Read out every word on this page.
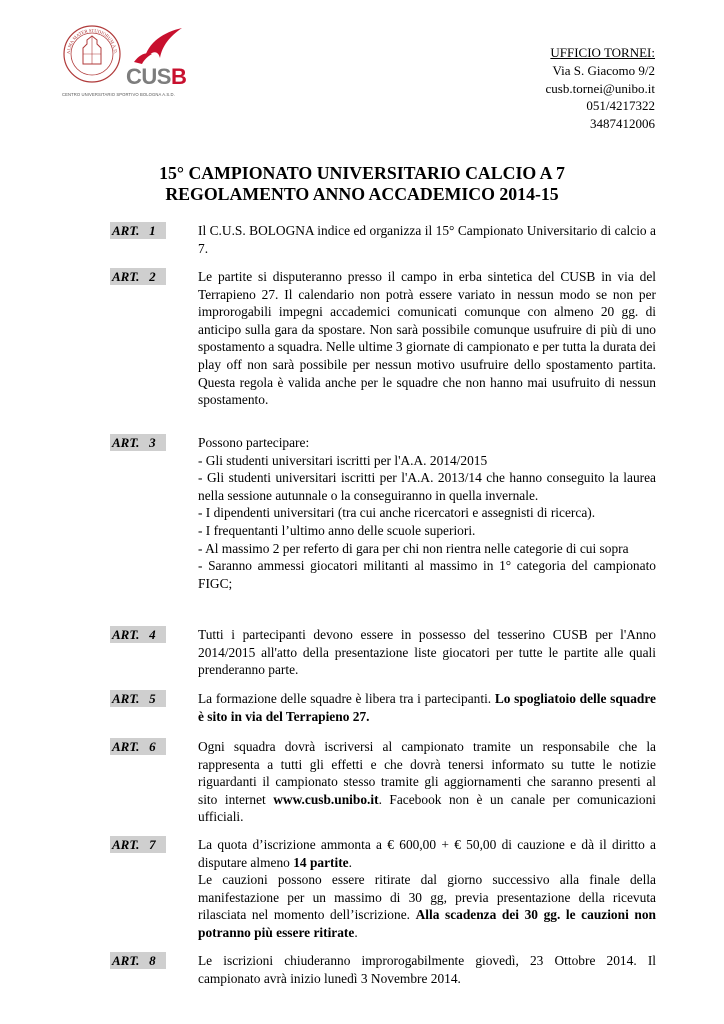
ALMA MATER STUDIORUM A.D.
CUSB
CENTRO UNIVERSITARIO SPORTIVO BOLOGNA A.S.D.
UFFICIO TORNEI:
Via S. Giacomo 9/2
cusb.tornei@unibo.it
051/4217322
3487412006
15° CAMPIONATO UNIVERSITARIO CALCIO A 7
REGOLAMENTO ANNO ACCADEMICO 2014-15
ART.   1	Il C.U.S. BOLOGNA indice ed organizza il 15° Campionato Universitario di calcio a 7.
ART.   2	Le partite si disputeranno presso il campo in erba sintetica del CUSB in via del Terrapieno 27. Il calendario non potrà essere variato in nessun modo se non per improrogabili impegni accademici comunicati comunque con almeno 20 gg. di anticipo sulla gara da spostare. Non sarà possibile comunque usufruire di più di uno spostamento a squadra. Nelle ultime 3 giornate di campionato e per tutta la durata dei play off non sarà possibile per nessun motivo usufruire dello spostamento partita. Questa regola è valida anche per le squadre che non hanno mai usufruito di nessun spostamento.
ART.   3	Possono partecipare:

- Gli studenti universitari iscritti per l'A.A. 2014/2015

- Gli studenti universitari iscritti per l'A.A. 2013/14 che hanno conseguito la laurea nella sessione autunnale o la conseguiranno in quella invernale.

- I dipendenti universitari (tra cui anche ricercatori e assegnisti di ricerca).

- I frequentanti l’ultimo anno delle scuole superiori.

- Al massimo 2 per referto di gara per chi non rientra nelle categorie di cui sopra

- Saranno ammessi giocatori militanti al massimo in 1° categoria del campionato FIGC;

ART.   4	Tutti i partecipanti devono essere in possesso del tesserino CUSB per l'Anno 2014/2015 all'atto della presentazione liste giocatori per tutte le partite alle quali prenderanno parte.
ART.   5	La formazione delle squadre è libera tra i partecipanti. Lo spogliatoio delle squadre è sito in via del Terrapieno 27.
ART.   6	Ogni squadra dovrà iscriversi al campionato tramite un responsabile che la rappresenta a tutti gli effetti e che dovrà tenersi informato su tutte le notizie riguardanti il campionato stesso tramite gli aggiornamenti che saranno presenti al sito internet www.cusb.unibo.it. Facebook non è un canale per comunicazioni ufficiali.
ART.   7	La quota d’iscrizione ammonta a € 600,00 + € 50,00 di cauzione e dà il diritto a disputare almeno 14 partite.

Le cauzioni possono essere ritirate dal giorno successivo alla finale della manifestazione per un massimo di 30 gg, previa presentazione della ricevuta rilasciata nel momento dell’iscrizione. Alla scadenza dei 30 gg. le cauzioni non potranno più essere ritirate.

ART.   8	Le iscrizioni chiuderanno improrogabilmente giovedì, 23 Ottobre 2014. Il campionato avrà inizio lunedì 3 Novembre 2014.
